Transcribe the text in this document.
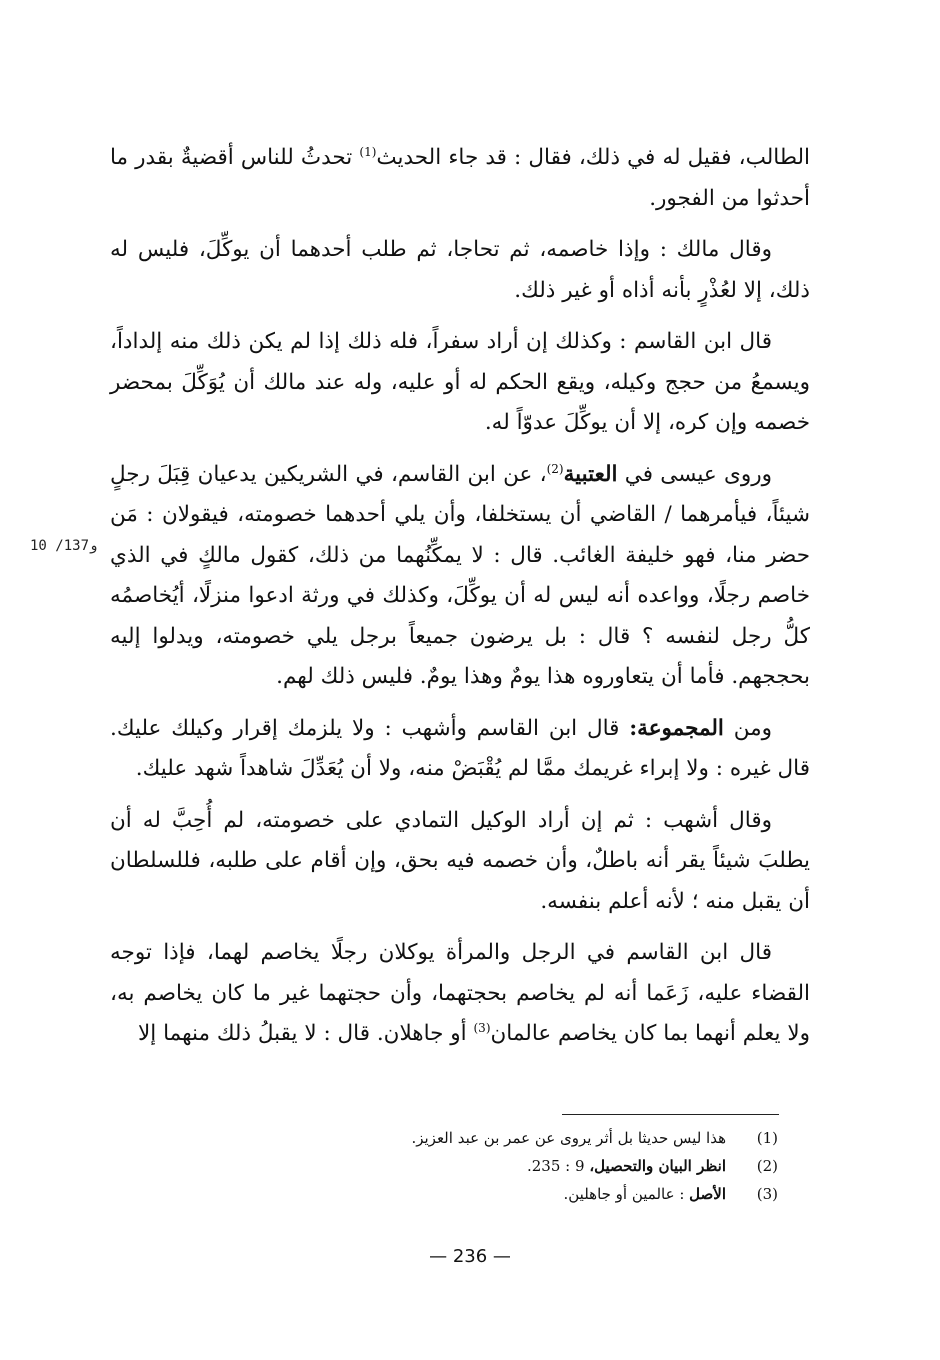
10 /137و

الطالب، فقيل له في ذلك، فقال : قد جاء الحديث$^{(1)}$ تحدثُ للناس أقضيةٌ بقدر ما أحدثوا من الفجور.

وقال مالك : وإذا خاصمه، ثم تحاجا، ثم طلب أحدهما أن يوكِّلَ، فليس له ذلك، إلا لعُذْرٍ بأنه أذاه أو غير ذلك.

قال ابن القاسم : وكذلك إن أراد سفراً، فله ذلك إذا لم يكن ذلك منه إلداداً، ويسمعُ من حجج وكيله، ويقع الحكم له أو عليه، وله عند مالك أن يُوَكِّلَ بمحضر خصمه وإن كره، إلا أن يوكِّلَ عدوّاً له.

وروى عيسى في العتبية$^{(2)}$، عن ابن القاسم، في الشريكين يدعيان قِبَلَ رجلٍ شيئاً، فيأمرهما / القاضي أن يستخلفا، وأن يلي أحدهما خصومته، فيقولان : مَن حضر منا، فهو خليفة الغائب. قال : لا يمكِّنُهما من ذلك، كقول مالكٍ في الذي خاصم رجلًا، وواعده أنه ليس له أن يوكِّلَ، وكذلك في ورثة ادعوا منزلًا، أيُخاصمُه كلُّ رجل لنفسه ؟ قال : بل يرضون جميعاً برجل يلي خصومته، ويدلوا إليه بحججهم. فأما أن يتعاوروه هذا يومٌ وهذا يومٌ. فليس ذلك لهم.

ومن المجموعة: قال ابن القاسم وأشهب : ولا يلزمك إقرار وكيلك عليك. قال غيره : ولا إبراء غريمك ممَّا لم يُقْبَضْ منه، ولا أن يُعَدِّلَ شاهداً شهد عليك.

وقال أشهب : ثم إن أراد الوكيل التمادي على خصومته، لم أُحِبَّ له أن يطلبَ شيئاً يقر أنه باطلٌ، وأن خصمه فيه بحق، وإن أقام على طلبه، فللسلطان أن يقبل منه ؛ لأنه أعلم بنفسه.

قال ابن القاسم في الرجل والمرأة يوكلان رجلًا يخاصم لهما، فإذا توجه القضاء عليه، زَعَما أنه لم يخاصم بحجتهما، وأن حجتهما غير ما كان يخاصم به، ولا يعلم أنهما بما كان يخاصم عالمان$^{(3)}$ أو جاهلان. قال : لا يقبلُ ذلك منهما إلا

(1)
هذا ليس حديثا بل أثر يروى عن عمر بن عبد العزيز.
(2)
انظر البيان والتحصيل، 9 : 235.
(3)
الأصل : عالمين أو جاهلين.
— 236 —
